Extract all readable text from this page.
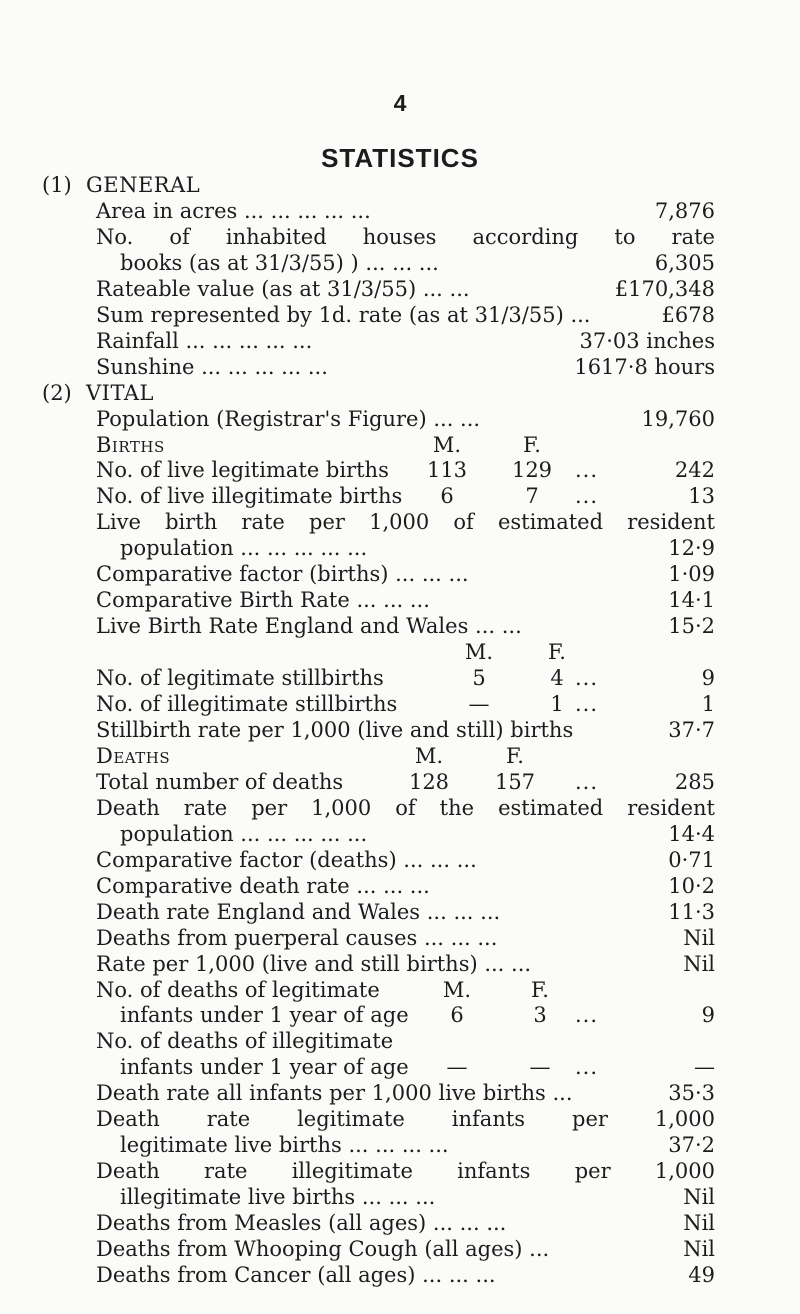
4
STATISTICS
(1) GENERAL
Area in acres ... ... ... ... ...	7,876
No. of inhabited houses according to rate
books (as at 31/3/55) ) ... ... ...	6,305
Rateable value (as at 31/3/55) ... ...	£170,348
Sum represented by 1d. rate (as at 31/3/55) ...	£678
Rainfall ... ... ... ... ...	37·03 inches
Sunshine ... ... ... ... ...	1617·8 hours
(2) VITAL
Population (Registrar's Figure) ... ...	19,760
Births	M.	F.
No. of live legitimate births	113	129	...	242
No. of live illegitimate births	6	7	...	13
Live birth rate per 1,000 of estimated resident
population ... ... ... ... ...	12·9
Comparative factor (births) ... ... ...	1·09
Comparative Birth Rate ... ... ...	14·1
Live Birth Rate England and Wales ... ...	15·2
M.	F.
No. of legitimate stillbirths	5	4 ...	9
No. of illegitimate stillbirths	—	1 ...	1
Stillbirth rate per 1,000 (live and still) births	37·7
Deaths	M.	F.
Total number of deaths	128	157	...	285
Death rate per 1,000 of the estimated resident
population ... ... ... ... ...	14·4
Comparative factor (deaths) ... ... ...	0·71
Comparative death rate ... ... ...	10·2
Death rate England and Wales ... ... ...	11·3
Deaths from puerperal causes ... ... ...	Nil
Rate per 1,000 (live and still births) ... ...	Nil
No. of deaths of legitimate	M.	F.
infants under 1 year of age	6	3	...	9
No. of deaths of illegitimate
infants under 1 year of age	—	—	...	—
Death rate all infants per 1,000 live births ...	35·3
Death rate legitimate infants per 1,000
legitimate live births ... ... ... ...	37·2
Death rate illegitimate infants per 1,000
illegitimate live births ... ... ...	Nil
Deaths from Measles (all ages) ... ... ...	Nil
Deaths from Whooping Cough (all ages) ...	Nil
Deaths from Cancer (all ages) ... ... ...	49
